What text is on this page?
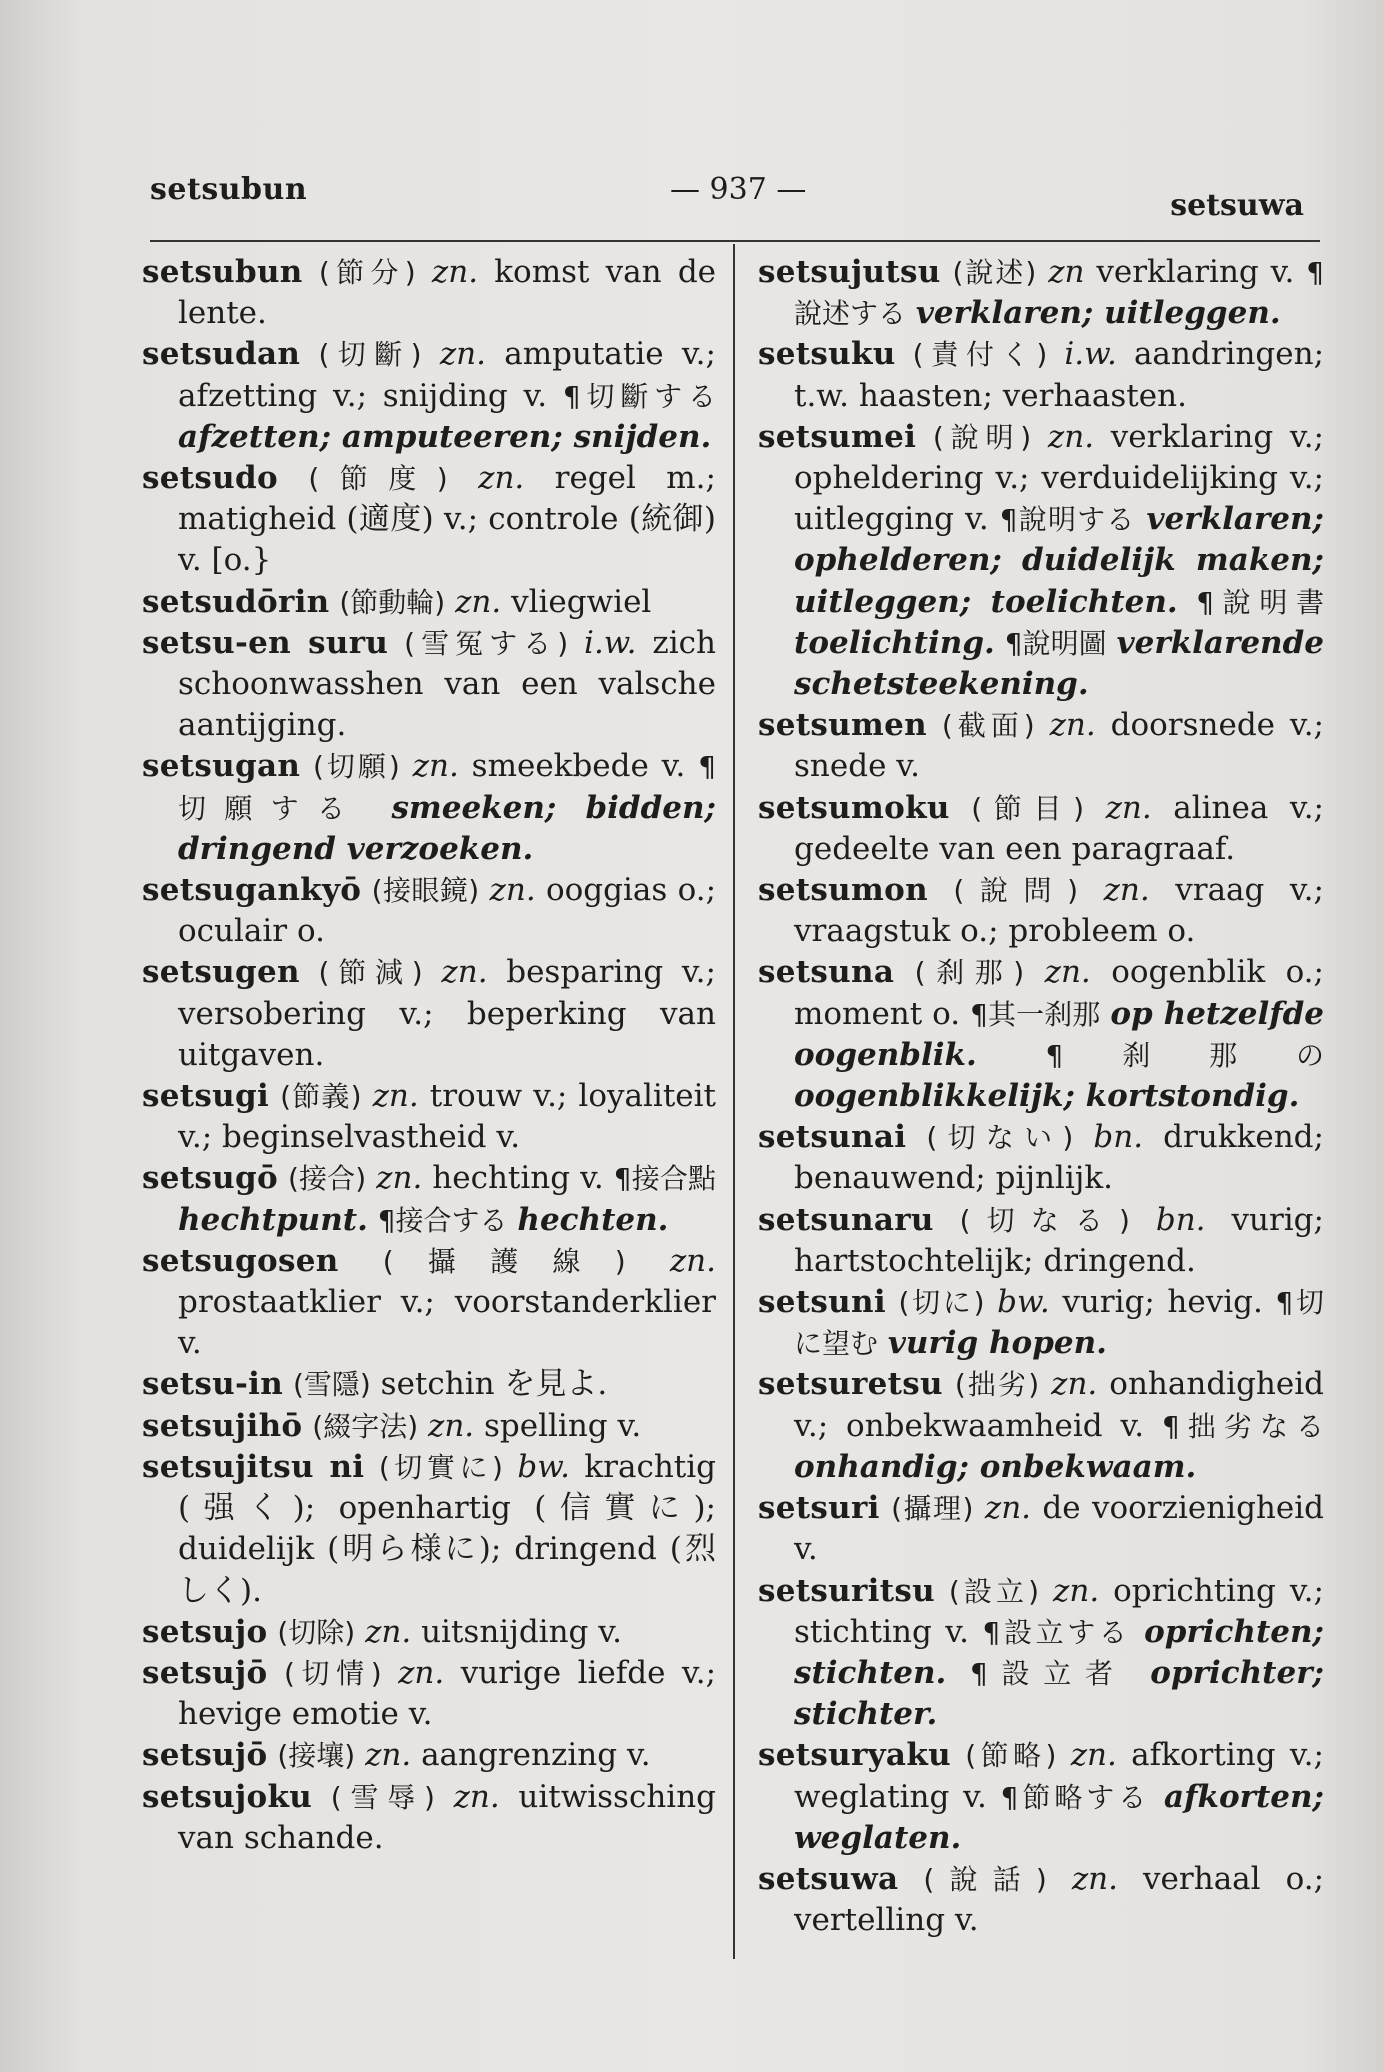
setsubun	— 937 —	setsuwa

setsubun (節分) zn. komst van de lente.

setsudan (切斷) zn. amputatie v.; afzetting v.; snijding v. ¶切斷する afzetten; amputeeren; snijden.

setsudo (節度) zn. regel m.; matigheid (適度) v.; controle (統御) v. [o.}

setsudōrin (節動輪) zn. vliegwiel

setsu-en suru (雪冤する) i.w. zich schoonwasshen van een valsche aantijging.

setsugan (切願) zn. smeekbede v. ¶切願する smeeken; bidden; dringend verzoeken.

setsugankyō (接眼鏡) zn. ooggias o.; oculair o.

setsugen (節減) zn. besparing v.; versobering v.; beperking van uitgaven.

setsugi (節義) zn. trouw v.; loyaliteit v.; beginselvastheid v.

setsugō (接合) zn. hechting v. ¶接合點 hechtpunt. ¶接合する hechten.

setsugosen (攝護線) zn. prostaatklier v.; voorstanderklier v.

setsu-in (雪隱) setchin を見よ.

setsujihō (綴字法) zn. spelling v.

setsujitsu ni (切實に) bw. krachtig (强く); openhartig (信實に); duidelijk (明ら様に); dringend (烈しく).

setsujo (切除) zn. uitsnijding v.

setsujō (切情) zn. vurige liefde v.; hevige emotie v.

setsujō (接壤) zn. aangrenzing v.

setsujoku (雪辱) zn. uitwissching van schande.

setsujutsu (說述) zn verklaring v. ¶說述する verklaren; uitleggen.

setsuku (責付く) i.w. aandringen; t.w. haasten; verhaasten.

setsumei (說明) zn. verklaring v.; opheldering v.; verduidelijking v.; uitlegging v. ¶說明する verklaren; ophelderen; duidelijk maken; uitleggen; toelichten. ¶說明書 toelichting. ¶說明圖 verklarende schetsteekening.

setsumen (截面) zn. doorsnede v.; snede v.

setsumoku (節目) zn. alinea v.; gedeelte van een paragraaf.

setsumon (說問) zn. vraag v.; vraagstuk o.; probleem o.

setsuna (刹那) zn. oogenblik o.; moment o. ¶其一刹那 op hetzelfde oogenblik. ¶刹那の oogenblikkelijk; kortstondig.

setsunai (切ない) bn. drukkend; benauwend; pijnlijk.

setsunaru (切なる) bn. vurig; hartstochtelijk; dringend.

setsuni (切に) bw. vurig; hevig. ¶切に望む vurig hopen.

setsuretsu (拙劣) zn. onhandigheid v.; onbekwaamheid v. ¶拙劣なる onhandig; onbekwaam.

setsuri (攝理) zn. de voorzienigheid v.

setsuritsu (設立) zn. oprichting v.; stichting v. ¶設立する oprichten; stichten. ¶設立者 oprichter; stichter.

setsuryaku (節略) zn. afkorting v.; weglating v. ¶節略する afkorten; weglaten.

setsuwa (說話) zn. verhaal o.; vertelling v.
